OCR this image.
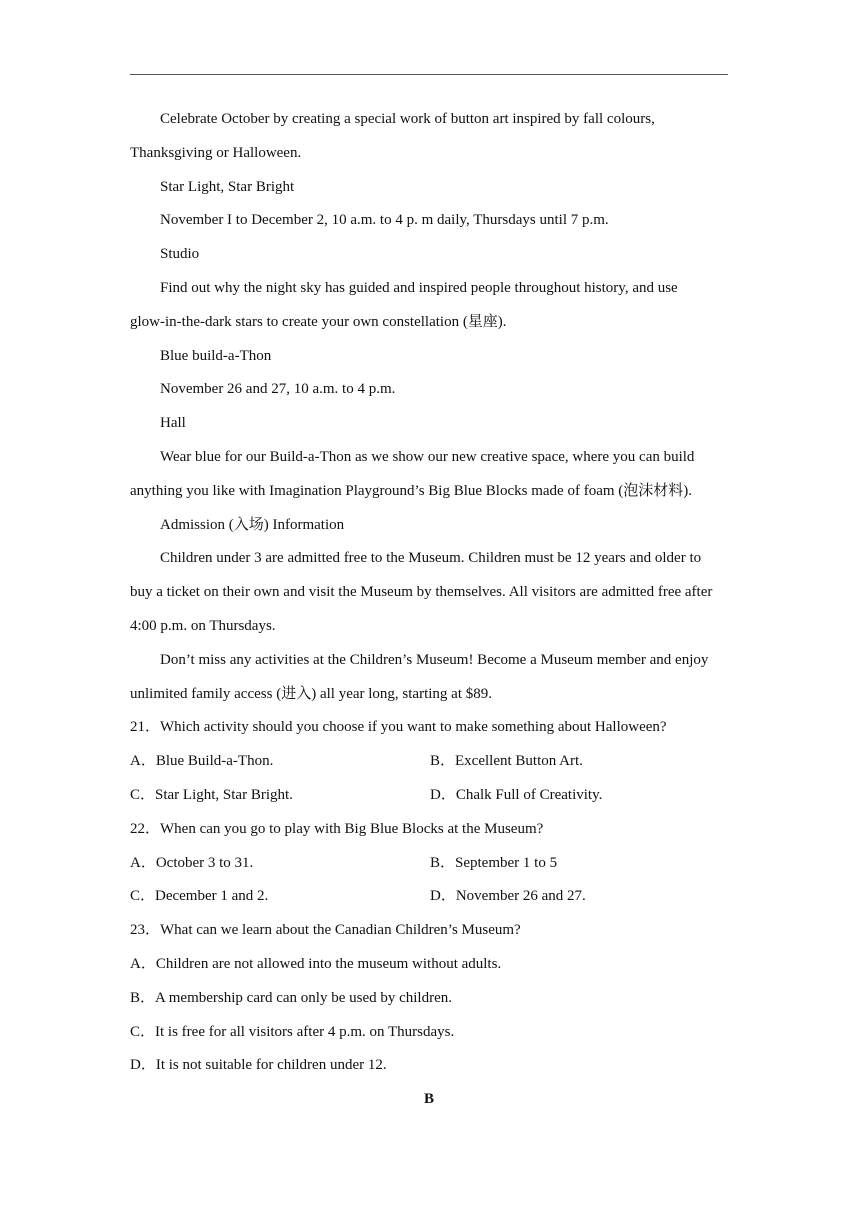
Celebrate October by creating a special work of button art inspired by fall colours,
Thanksgiving or Halloween.
Star Light, Star Bright
November I to December 2, 10 a.m. to 4 p. m daily, Thursdays until 7 p.m.
Studio
Find out why the night sky has guided and inspired people throughout history, and use
glow-in-the-dark stars to create your own constellation (星座).
Blue build-a-Thon
November 26 and 27, 10 a.m. to 4 p.m.
Hall
Wear blue for our Build-a-Thon as we show our new creative space, where you can build
anything you like with Imagination Playground’s Big Blue Blocks made of foam (泡沫材料).
Admission (入场) Information
Children under 3 are admitted free to the Museum. Children must be 12 years and older to
buy a ticket on their own and visit the Museum by themselves. All visitors are admitted free after
4:00 p.m. on Thursdays.
Don’t miss any activities at the Children’s Museum! Become a Museum member and enjoy
unlimited family access (进入) all year long, starting at $89.
21．Which activity should you choose if you want to make something about Halloween?
A．Blue Build-a-Thon.	B．Excellent Button Art.
C．Star Light, Star Bright.	D．Chalk Full of Creativity.
22．When can you go to play with Big Blue Blocks at the Museum?
A．October 3 to 31.	B．September 1 to 5
C．December 1 and 2.	D．November 26 and 27.
23．What can we learn about the Canadian Children’s Museum?
A．Children are not allowed into the museum without adults.
B．A membership card can only be used by children.
C．It is free for all visitors after 4 p.m. on Thursdays.
D．It is not suitable for children under 12.
B
